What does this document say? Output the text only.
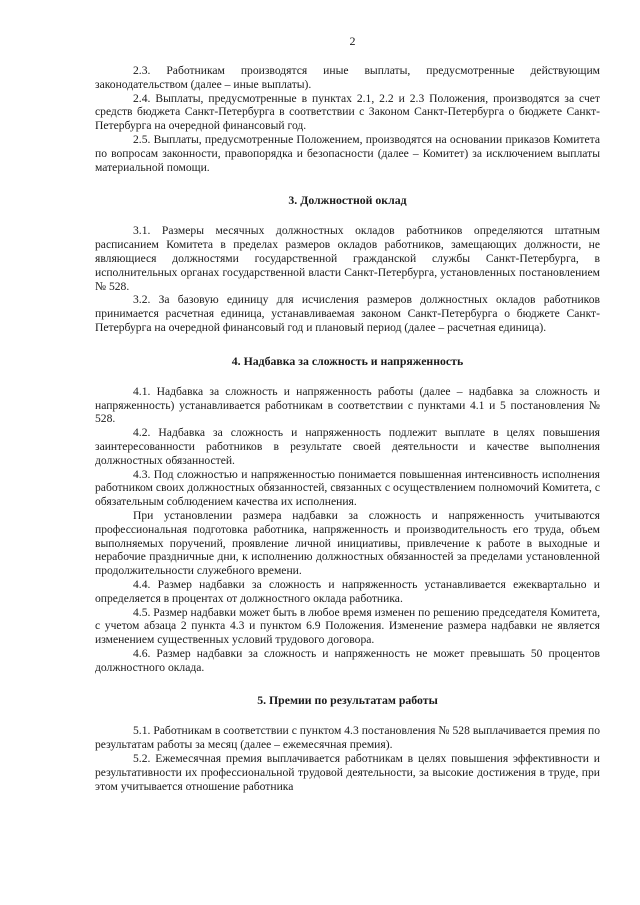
2

2.3. Работникам производятся иные выплаты, предусмотренные действующим законодательством (далее – иные выплаты).

2.4. Выплаты, предусмотренные в пунктах 2.1, 2.2 и 2.3 Положения, производятся за счет средств бюджета Санкт-Петербурга в соответствии с Законом Санкт-Петербурга о бюджете Санкт-Петербурга на очередной финансовый год.

2.5. Выплаты, предусмотренные Положением, производятся на основании приказов Комитета по вопросам законности, правопорядка и безопасности (далее – Комитет) за исключением выплаты материальной помощи.

3. Должностной оклад

3.1. Размеры месячных должностных окладов работников определяются штатным расписанием Комитета в пределах размеров окладов работников, замещающих должности, не являющиеся должностями государственной гражданской службы Санкт-Петербурга, в исполнительных органах государственной власти Санкт-Петербурга, установленных постановлением № 528.

3.2. За базовую единицу для исчисления размеров должностных окладов работников принимается расчетная единица, устанавливаемая законом Санкт-Петербурга о бюджете Санкт-Петербурга на очередной финансовый год и плановый период (далее – расчетная единица).

4. Надбавка за сложность и напряженность

4.1. Надбавка за сложность и напряженность работы (далее – надбавка за сложность и напряженность) устанавливается работникам в соответствии с пунктами 4.1 и 5 постановления № 528.

4.2. Надбавка за сложность и напряженность подлежит выплате в целях повышения заинтересованности работников в результате своей деятельности и качестве выполнения должностных обязанностей.

4.3. Под сложностью и напряженностью понимается повышенная интенсивность исполнения работником своих должностных обязанностей, связанных с осуществлением полномочий Комитета, с обязательным соблюдением качества их исполнения.

При установлении размера надбавки за сложность и напряженность учитываются профессиональная подготовка работника, напряженность и производительность его труда, объем выполняемых поручений, проявление личной инициативы, привлечение к работе в выходные и нерабочие праздничные дни, к исполнению должностных обязанностей за пределами установленной продолжительности служебного времени.

4.4. Размер надбавки за сложность и напряженность устанавливается ежеквартально и определяется в процентах от должностного оклада работника.

4.5. Размер надбавки может быть в любое время изменен по решению председателя Комитета, с учетом абзаца 2 пункта 4.3 и пунктом 6.9 Положения. Изменение размера надбавки не является изменением существенных условий трудового договора.

4.6. Размер надбавки за сложность и напряженность не может превышать 50 процентов должностного оклада.

5. Премии по результатам работы

5.1. Работникам в соответствии с пунктом 4.3 постановления № 528 выплачивается премия по результатам работы за месяц (далее – ежемесячная премия).

5.2. Ежемесячная премия выплачивается работникам в целях повышения эффективности и результативности их профессиональной трудовой деятельности, за высокие достижения в труде, при этом учитывается отношение работника
